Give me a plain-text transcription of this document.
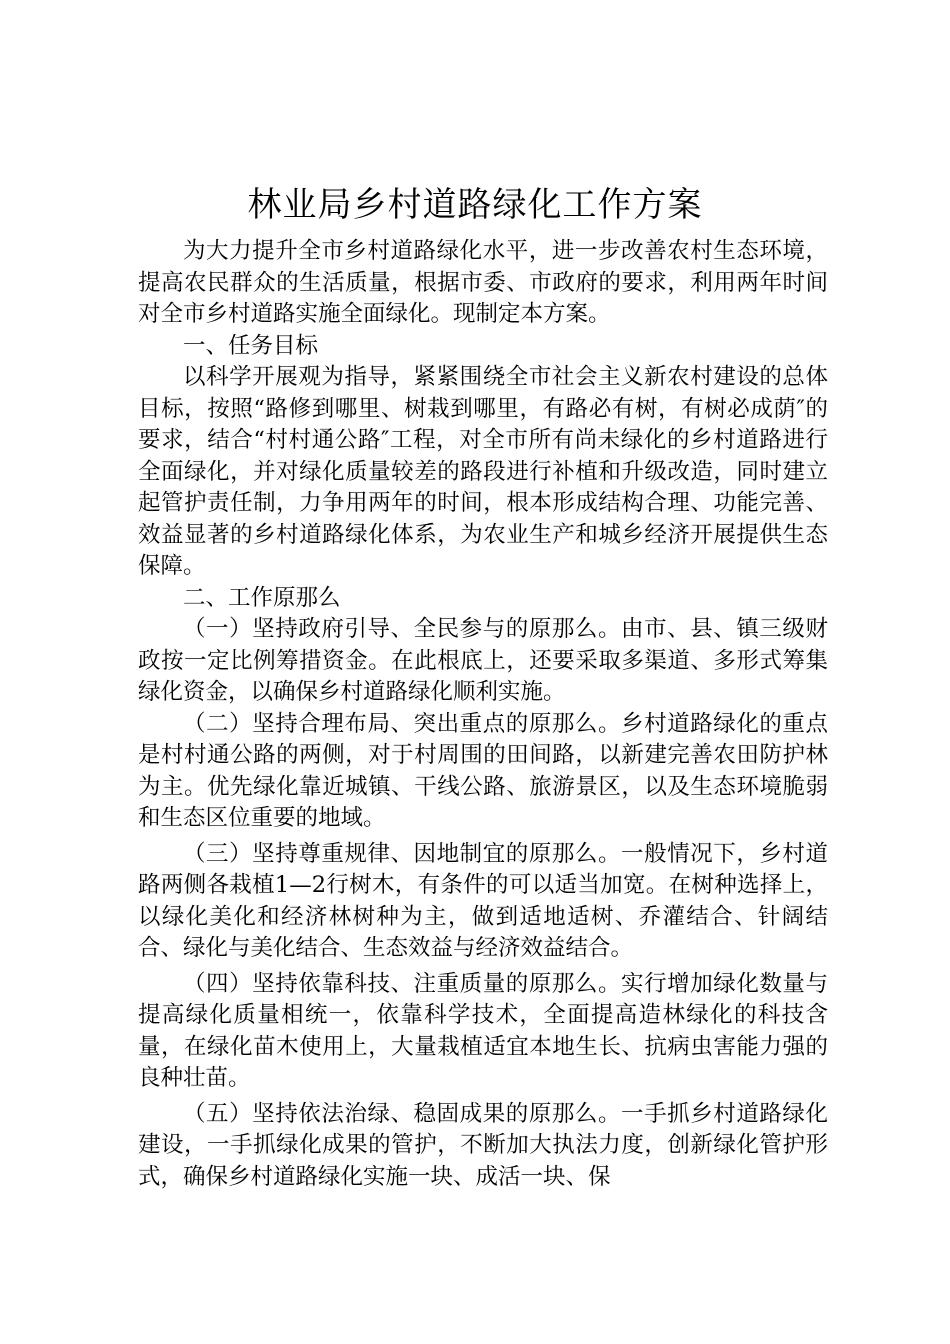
林业局乡村道路绿化工作方案

为大力提升全市乡村道路绿化水平，进一步改善农村生态环境，提高农民群众的生活质量，根据市委、市政府的要求，利用两年时间对全市乡村道路实施全面绿化。现制定本方案。

一、任务目标

以科学开展观为指导，紧紧围绕全市社会主义新农村建设的总体目标，按照“路修到哪里、树栽到哪里，有路必有树，有树必成荫″的要求，结合“村村通公路″工程，对全市所有尚未绿化的乡村道路进行全面绿化，并对绿化质量较差的路段进行补植和升级改造，同时建立起管护责任制，力争用两年的时间，根本形成结构合理、功能完善、效益显著的乡村道路绿化体系，为农业生产和城乡经济开展提供生态保障。

二、工作原那么

（一）坚持政府引导、全民参与的原那么。由市、县、镇三级财政按一定比例筹措资金。在此根底上，还要采取多渠道、多形式筹集绿化资金，以确保乡村道路绿化顺利实施。

（二）坚持合理布局、突出重点的原那么。乡村道路绿化的重点是村村通公路的两侧，对于村周围的田间路，以新建完善农田防护林为主。优先绿化靠近城镇、干线公路、旅游景区，以及生态环境脆弱和生态区位重要的地域。

（三）坚持尊重规律、因地制宜的原那么。一般情况下，乡村道路两侧各栽植1—2行树木，有条件的可以适当加宽。在树种选择上，以绿化美化和经济林树种为主，做到适地适树、乔灌结合、针阔结合、绿化与美化结合、生态效益与经济效益结合。

（四）坚持依靠科技、注重质量的原那么。实行增加绿化数量与提高绿化质量相统一，依靠科学技术，全面提高造林绿化的科技含量，在绿化苗木使用上，大量栽植适宜本地生长、抗病虫害能力强的良种壮苗。

（五）坚持依法治绿、稳固成果的原那么。一手抓乡村道路绿化建设，一手抓绿化成果的管护，不断加大执法力度，创新绿化管护形式，确保乡村道路绿化实施一块、成活一块、保
